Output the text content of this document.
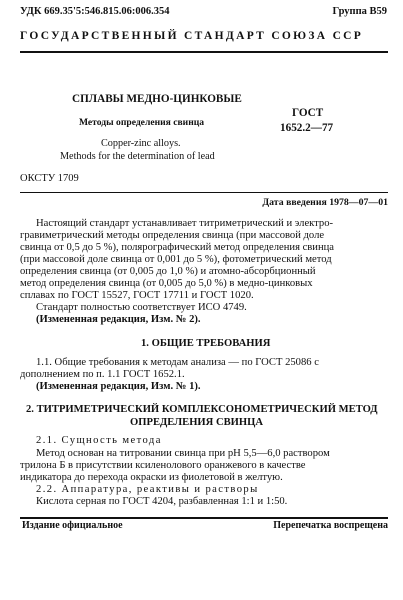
УДК 669.35'5:546.815.06:006.354	Группа В59
ГОСУДАРСТВЕННЫЙ СТАНДАРТ СОЮЗА ССР
СПЛАВЫ МЕДНО-ЦИНКОВЫЕ
Методы определения свинца
Copper-zinc alloys.
Methods for the determination of lead
ГОСТ
1652.2—77
ОКСТУ 1709
Дата введения 1978—07—01
Настоящий стандарт устанавливает титриметрический и электро-
гравиметрический методы определения свинца (при массовой доле
свинца от 0,5 до 5 %), полярографический метод определения свинца
(при массовой доле свинца от 0,001 до 5 %), фотометрический метод
определения свинца (от 0,005 до 1,0 %) и атомно-абсорбционный
метод определения свинца (от 0,005 до 5,0 %) в медно-цинковых
сплавах по ГОСТ 15527, ГОСТ 17711 и ГОСТ 1020.
Стандарт полностью соответствует ИСО 4749.
(Измененная редакция, Изм. № 2).
1. ОБЩИЕ ТРЕБОВАНИЯ
1.1. Общие требования к методам анализа — по ГОСТ 25086 с
дополнением по п. 1.1 ГОСТ 1652.1.
(Измененная редакция, Изм. № 1).
2. ТИТРИМЕТРИЧЕСКИЙ КОМПЛЕКСОНОМЕТРИЧЕСКИЙ МЕТОД
ОПРЕДЕЛЕНИЯ СВИНЦА
2.1. Сущность метода
Метод основан на титровании свинца при рН 5,5—6,0 раствором
трилона Б в присутствии ксиленолового оранжевого в качестве
индикатора до перехода окраски из фиолетовой в желтую.
2.2. Аппаратура, реактивы и растворы
Кислота серная по ГОСТ 4204, разбавленная 1:1 и 1:50.
Издание официальное	Перепечатка воспрещена
